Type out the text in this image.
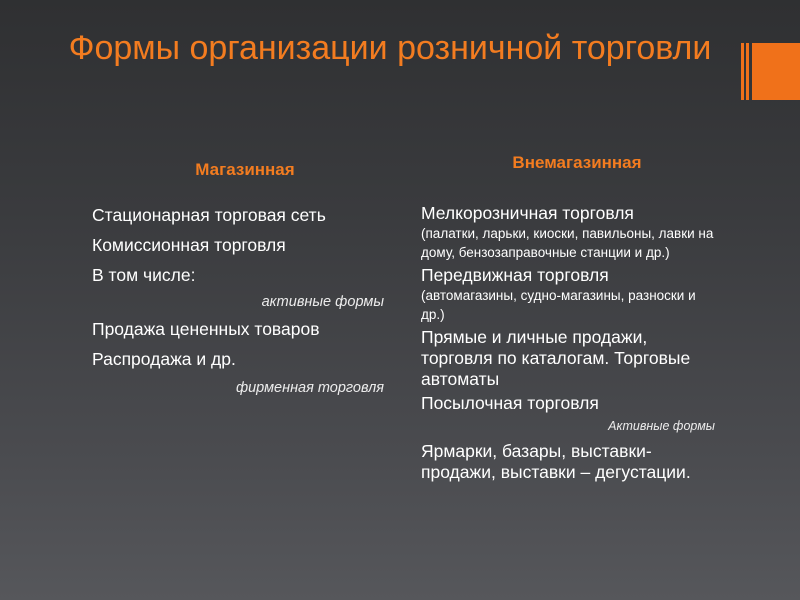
Формы организации розничной торговли
Магазинная	Внемагазинная
Стационарная торговая сеть
Комиссионная торговля
В том числе:
активные формы
Продажа цененных товаров
Распродажа и др.
фирменная торговля
Мелкорозничная торговля
(палатки, ларьки, киоски, павильоны, лавки на дому, бензозаправочные станции и др.)
Передвижная торговля
(автомагазины, судно-магазины, разноски и др.)
Прямые и личные продажи, торговля по каталогам. Торговые автоматы
Посылочная торговля
Активные формы
Ярмарки, базары, выставки-продажи, выставки – дегустации.
